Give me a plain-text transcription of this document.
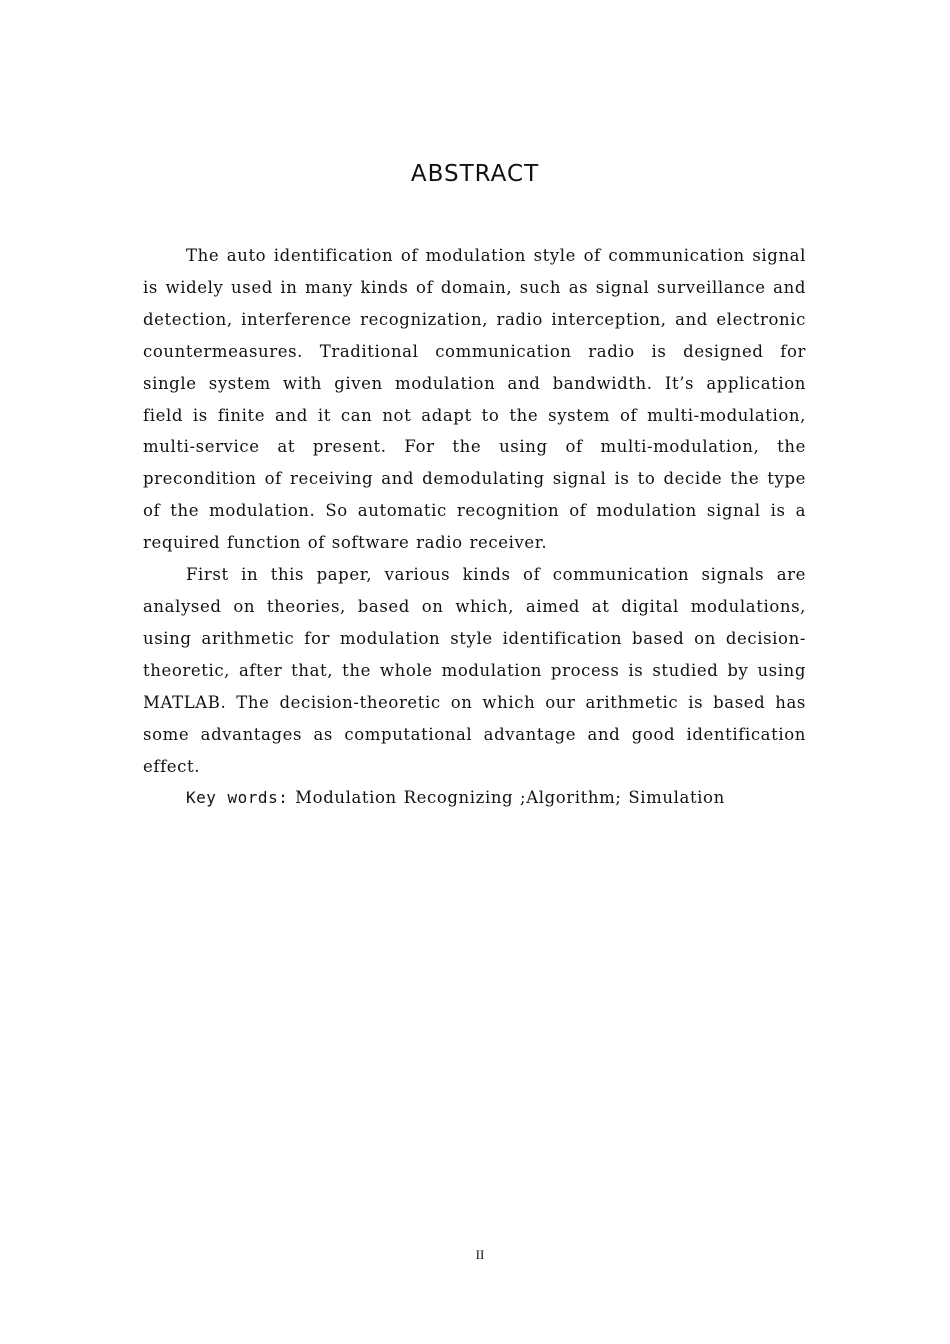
ABSTRACT

The auto identification of modulation style of communication signal is widely used in many kinds of domain, such as signal surveillance and detection, interference recognization, radio interception, and electronic countermeasures. Traditional communication radio is designed for single system with given modulation and bandwidth. It’s application field is finite and it can not adapt to the system of multi-modulation, multi-service at present. For the using of multi-modulation, the precondition of receiving and demodulating signal is to decide the type of the modulation. So automatic recognition of modulation signal is a required function of software radio receiver.

First in this paper, various kinds of communication signals are analysed on theories, based on which, aimed at digital modulations, using arithmetic for modulation style identification based on decision-theoretic, after that, the whole modulation process is studied by using MATLAB. The decision-theoretic on which our arithmetic is based has some advantages as computational advantage and good identification effect.

Key words: Modulation Recognizing ;Algorithm; Simulation

II
